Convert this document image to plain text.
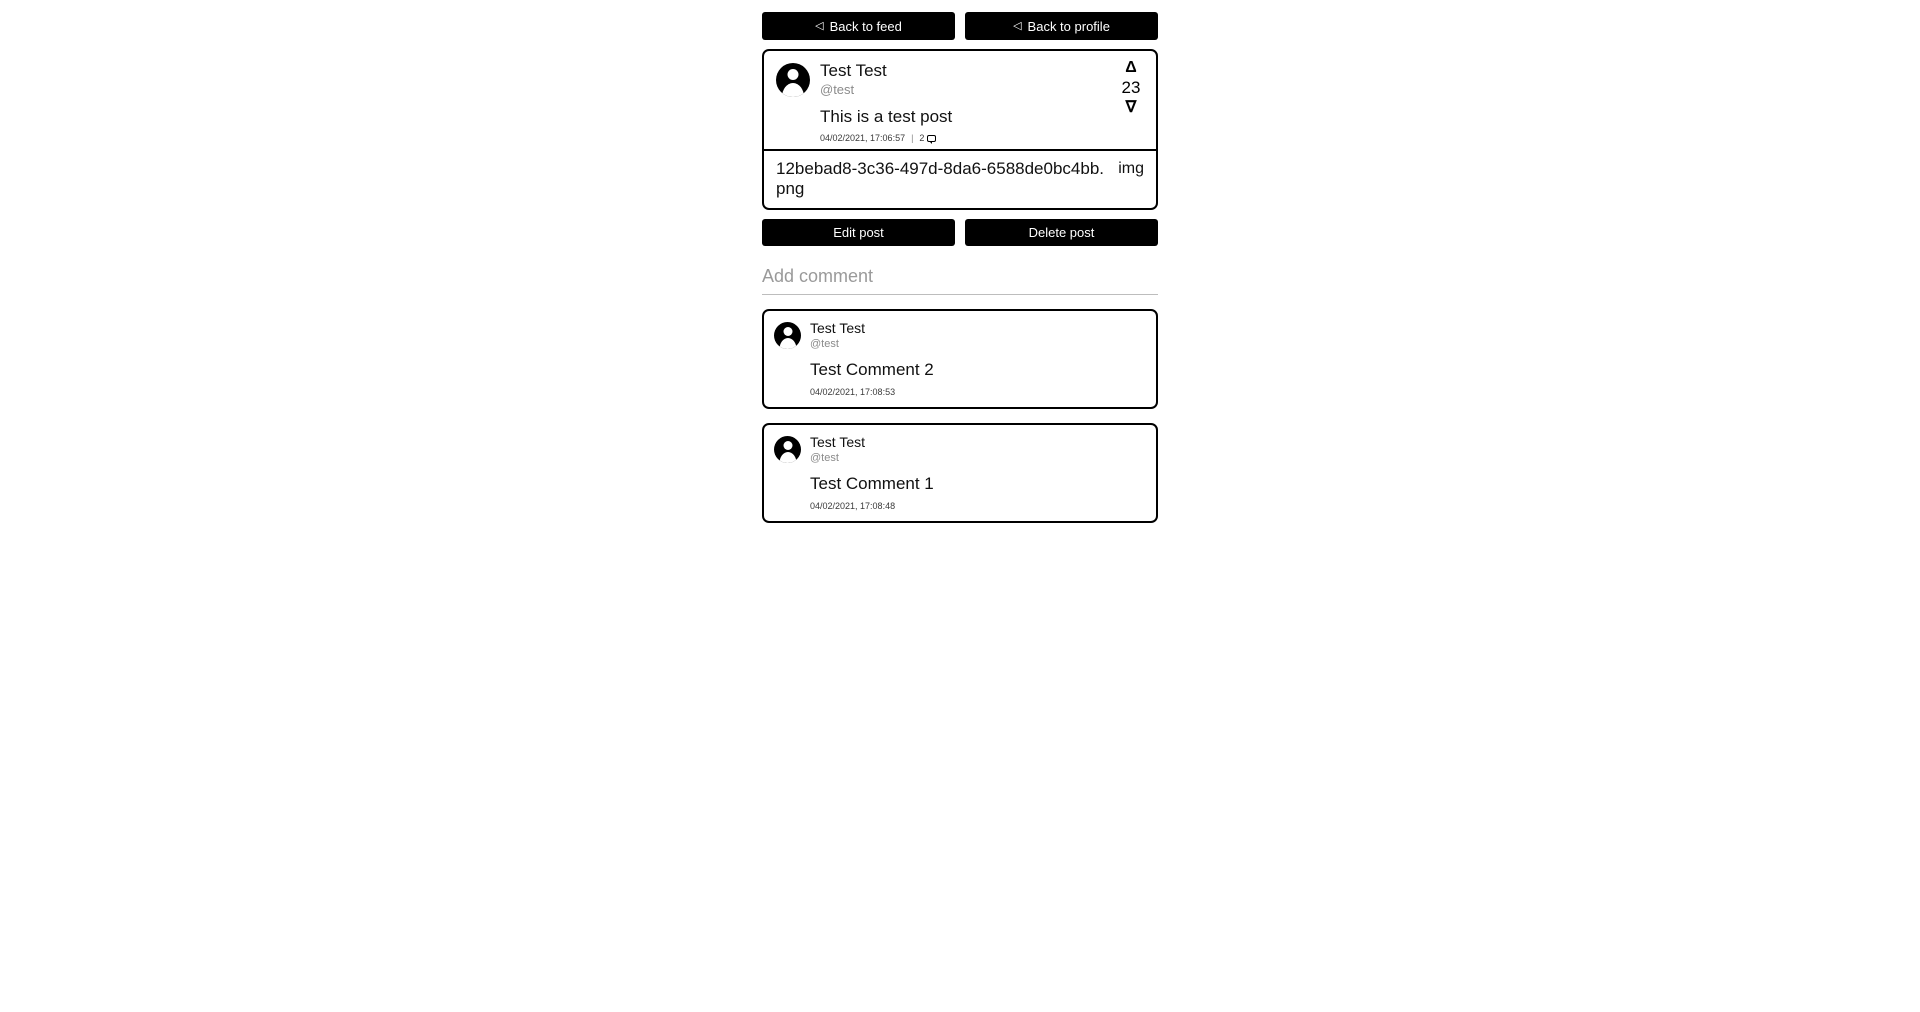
◁ Back to feed	◁ Back to profile
Test Test
@test
This is a test post
04/02/2021, 17:06:57 | 2
Δ
23
∇
12bebad8-3c36-497d-8da6-6588de0bc4bb.png
img
Edit post	Delete post
Add comment
Test Test
@test
Test Comment 2
04/02/2021, 17:08:53
Test Test
@test
Test Comment 1
04/02/2021, 17:08:48
